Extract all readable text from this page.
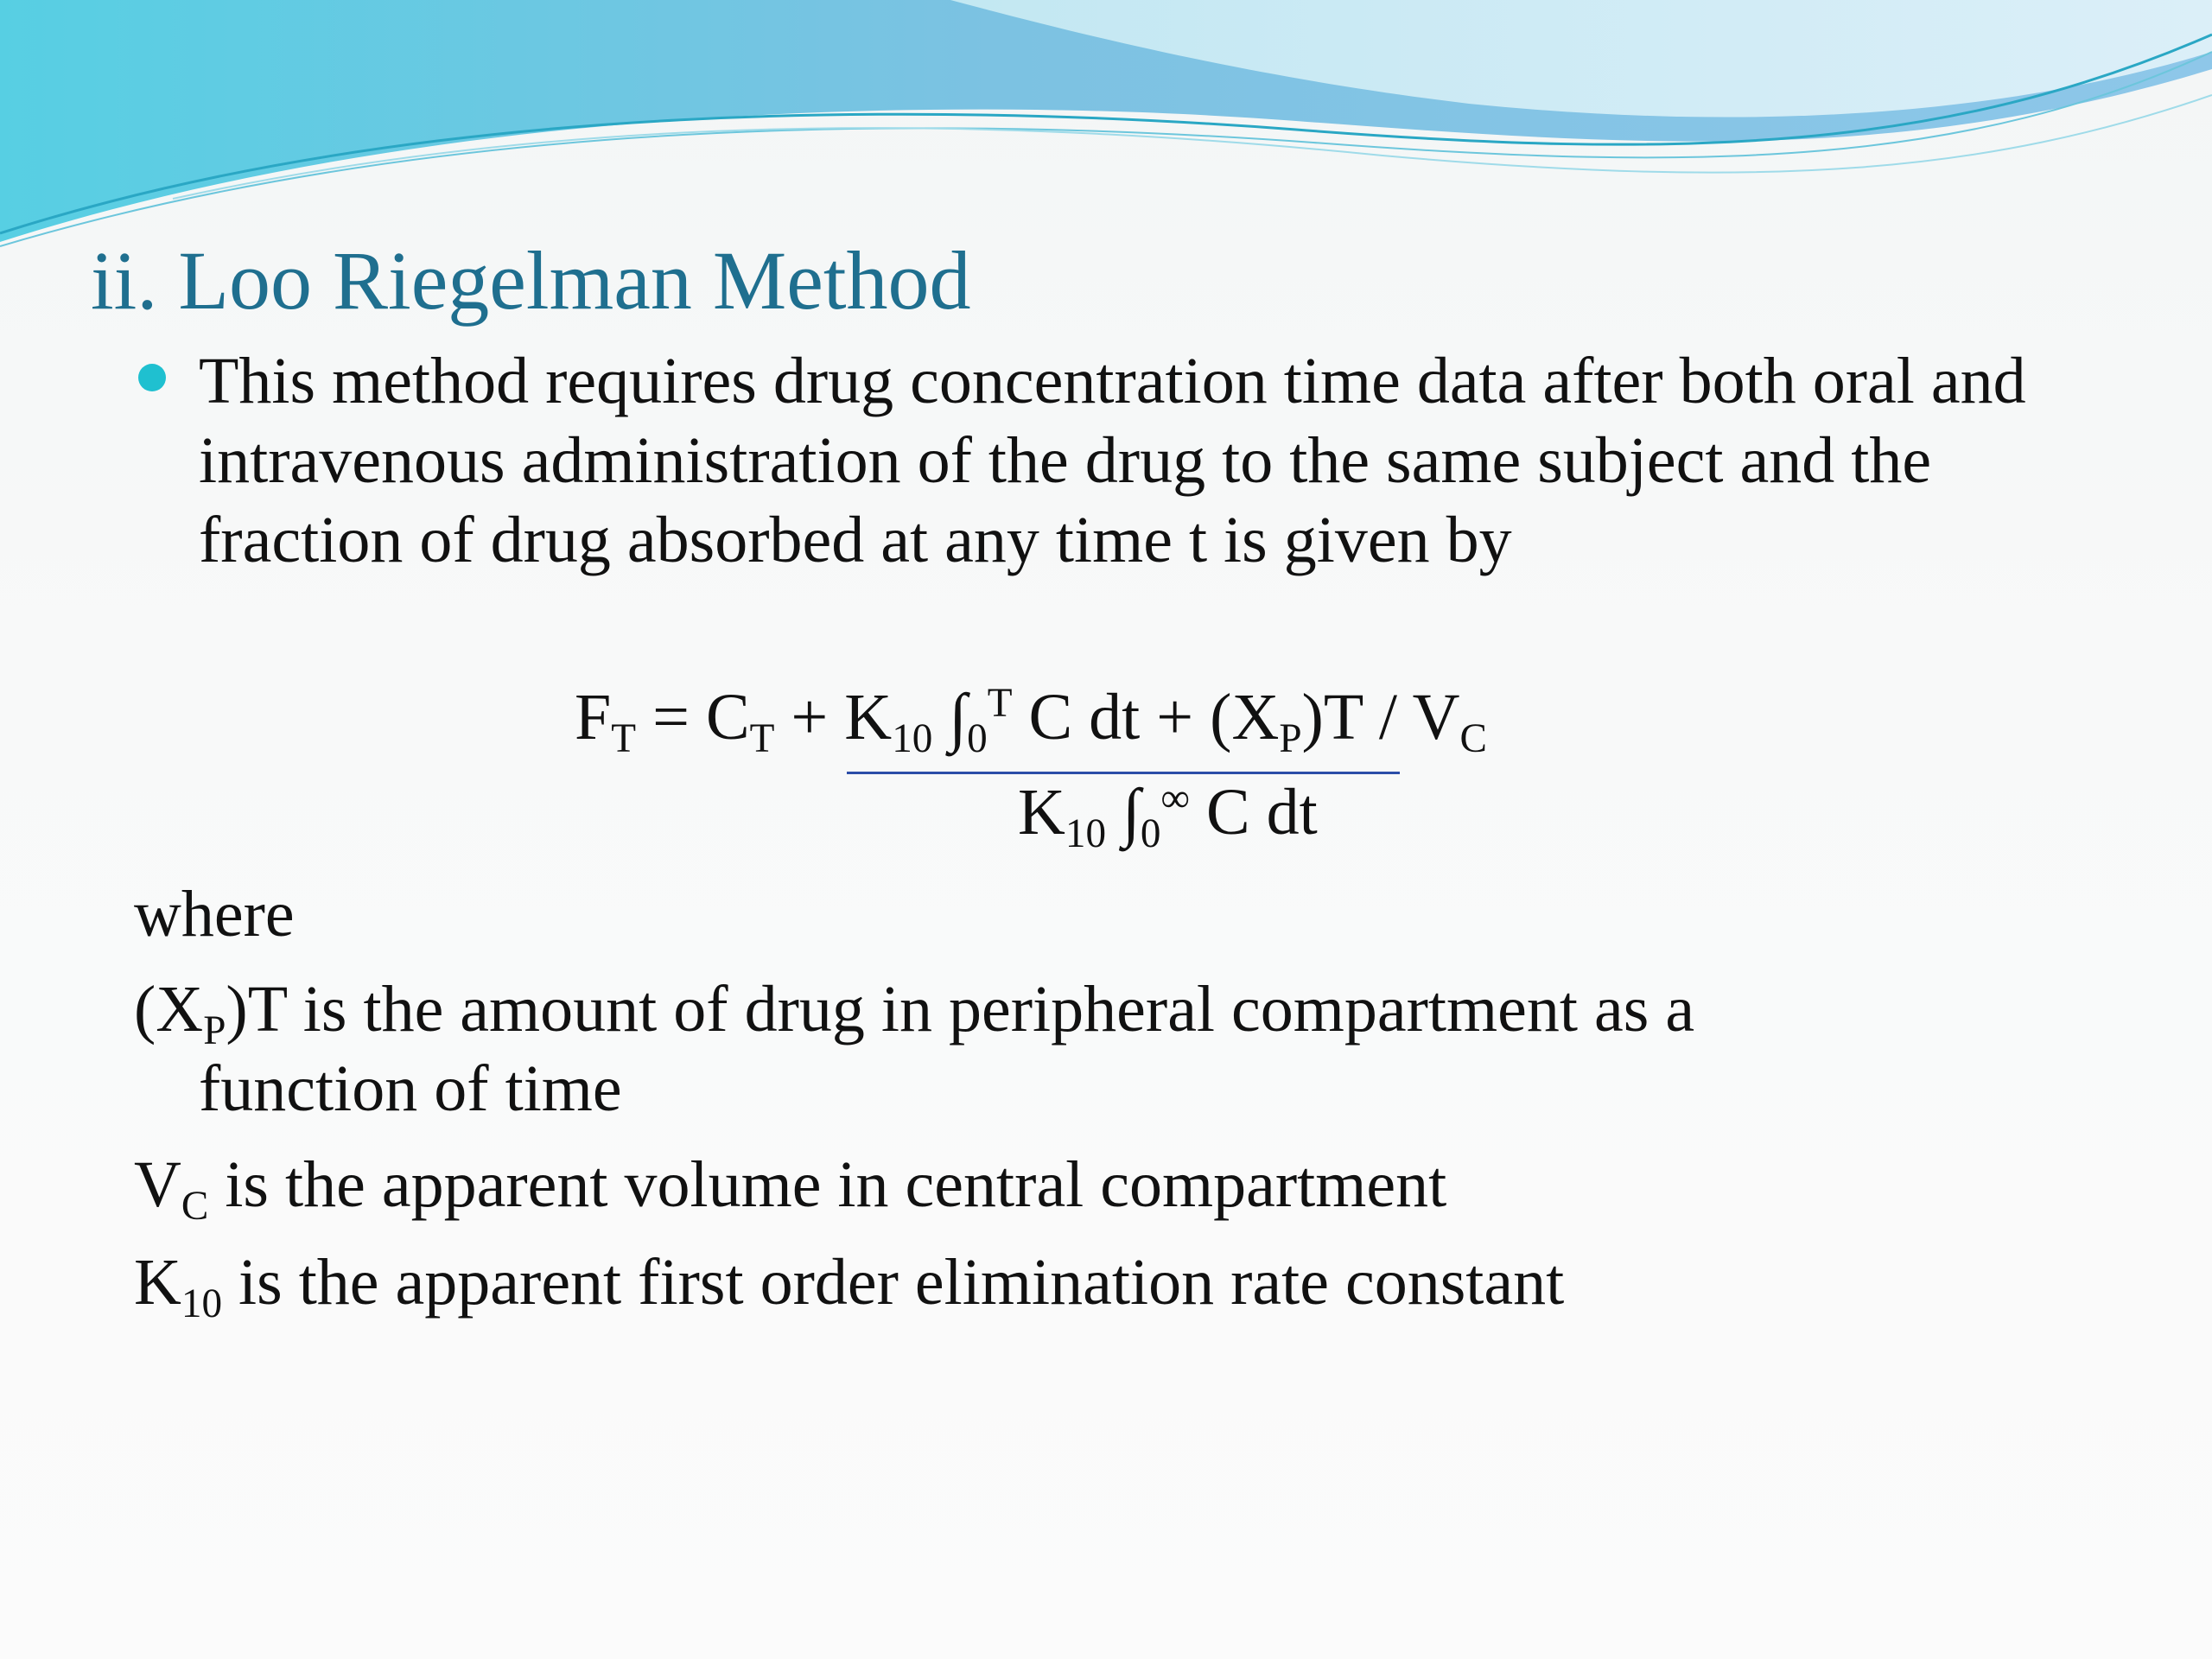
ii. Loo Riegelman Method
This method requires drug concentration time data after both oral and intravenous administration of the drug to the same subject and the fraction of drug absorbed at any time t is given by
$F_T = C_T + K_{10}$ $\int_0^T$ C dt + $(X_P)T / V_C$
$K_{10}$ $\int_0^\infty$ C dt
where
$(X_P)T$ is the amount of drug in peripheral compartment as a
function of time
$V_C$ is the apparent volume in central compartment
$K_{10}$ is the apparent first order elimination rate constant
